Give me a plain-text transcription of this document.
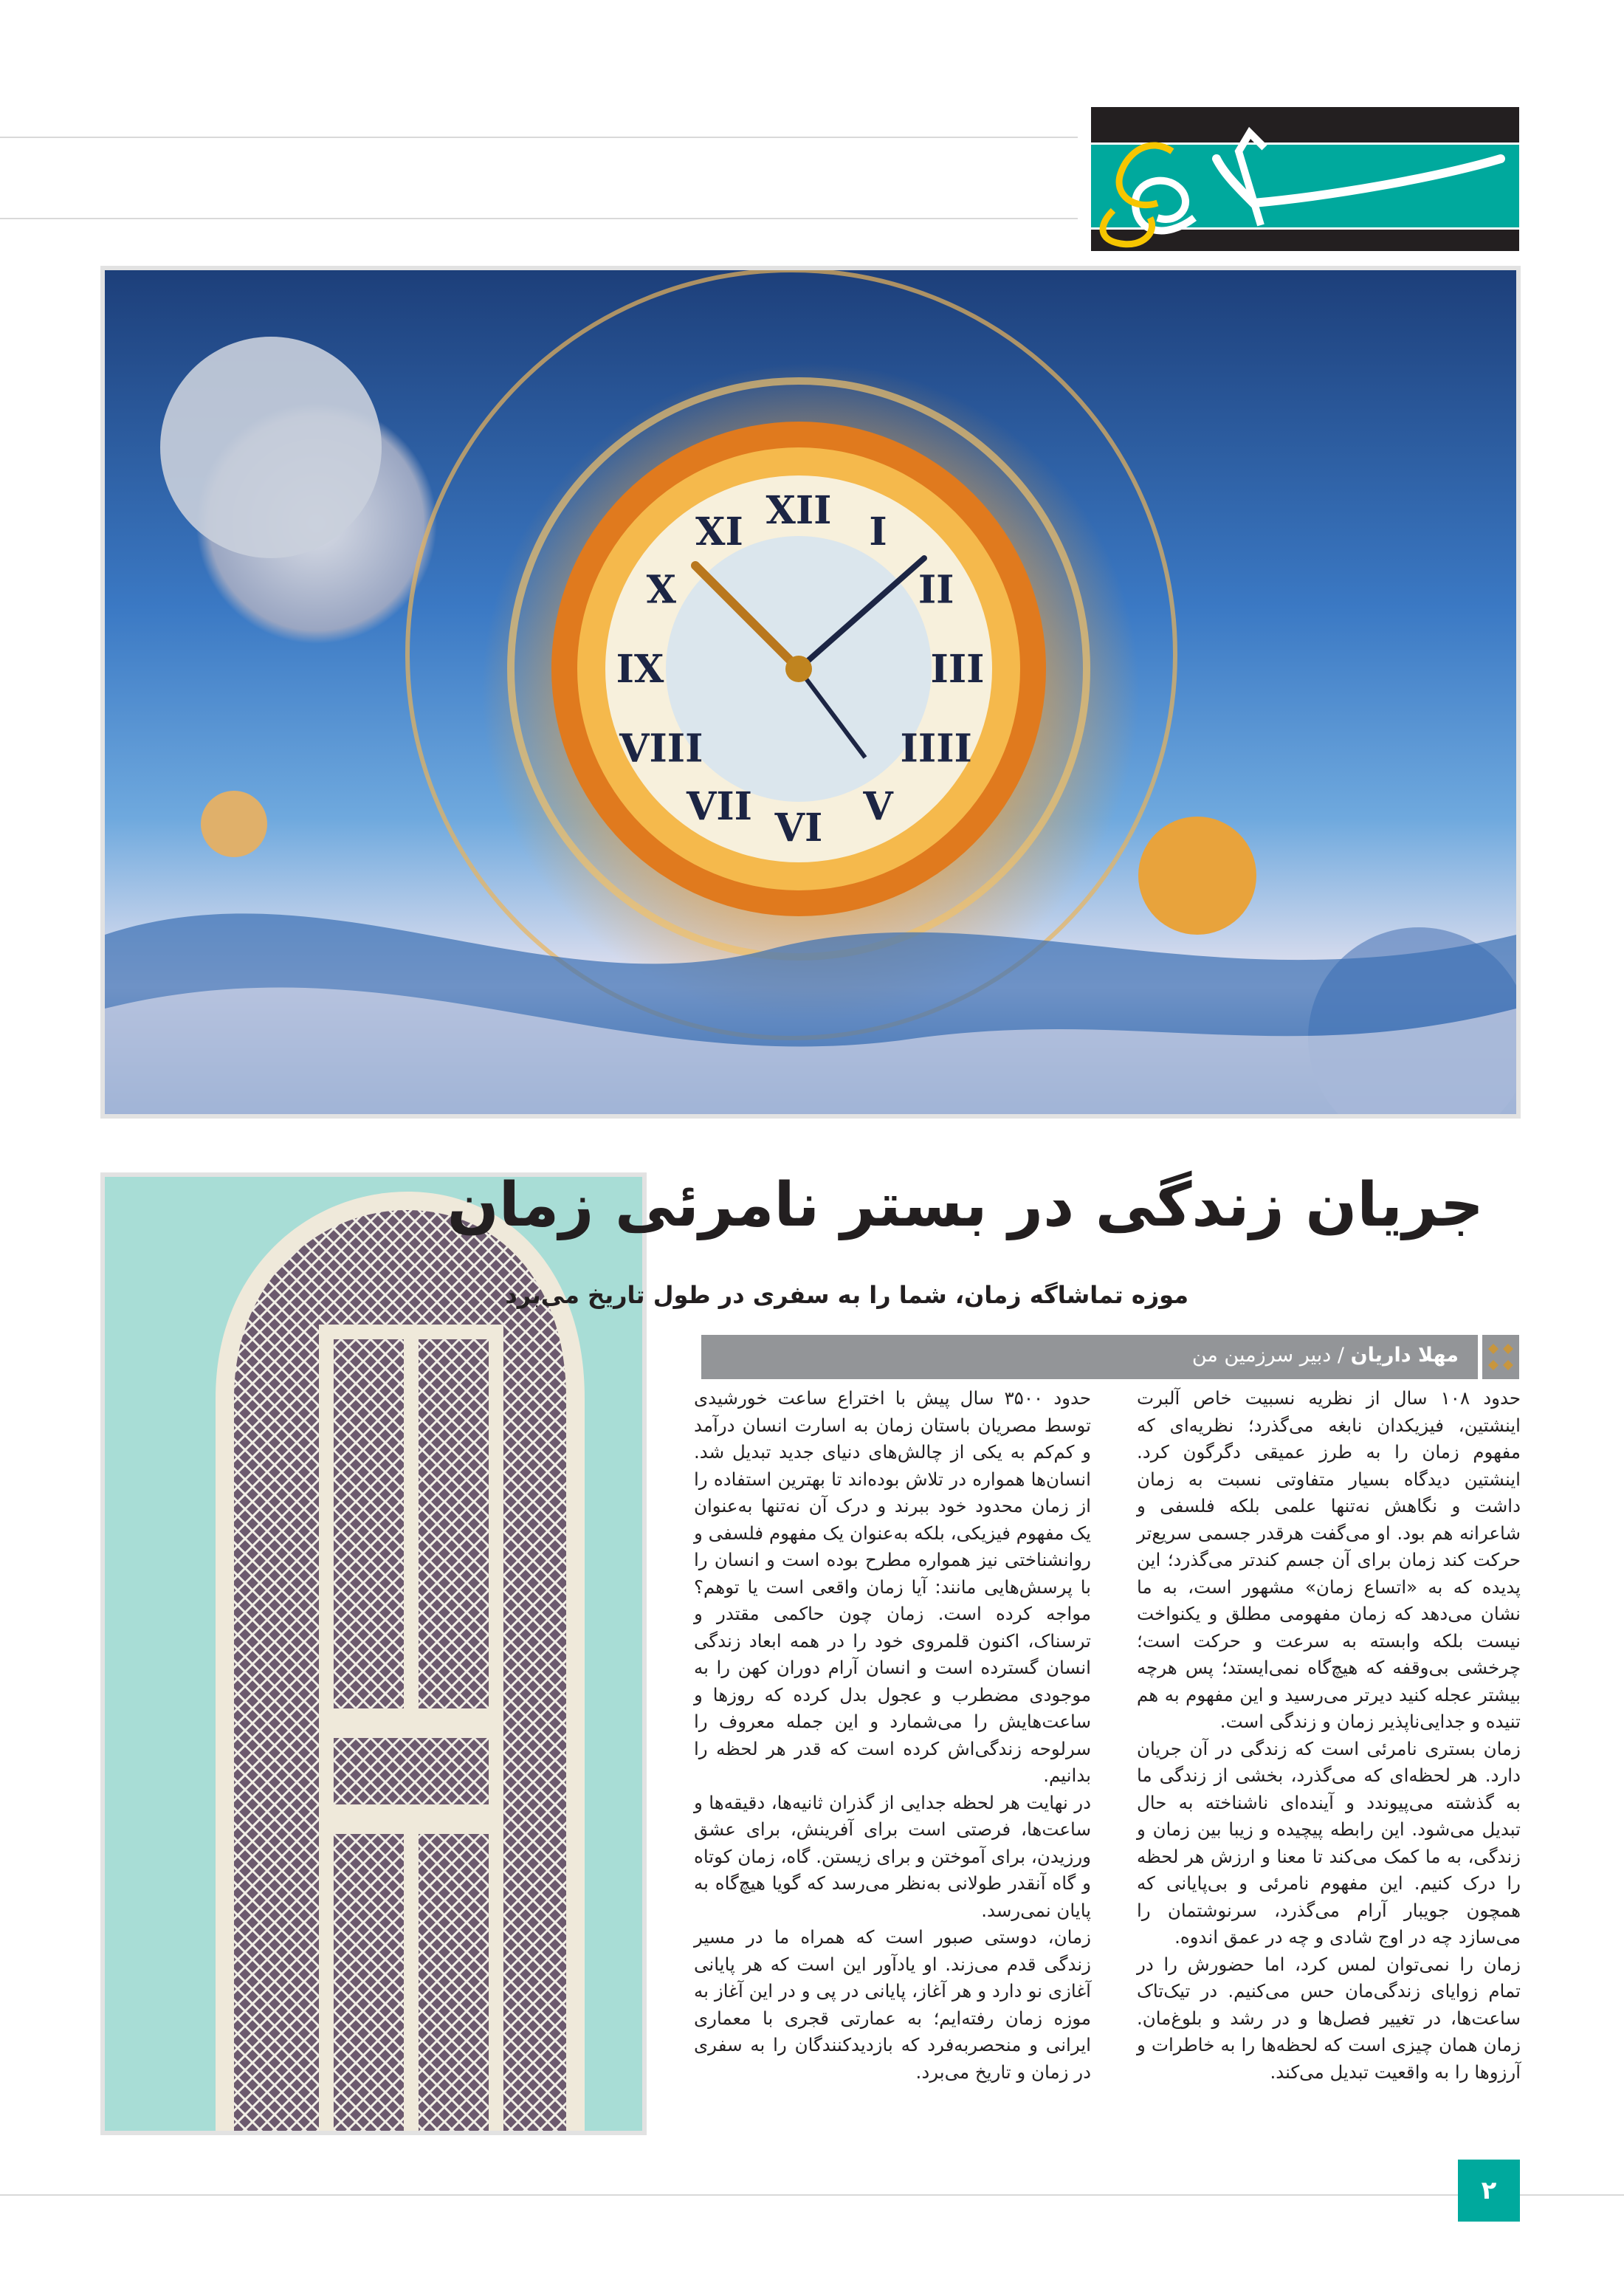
XII I
II
III
IIII
V
VI
VII
VIII
IX
X
XI
جریان زندگی در بستر نامرئی زمان
موزه تماشاگه زمان، شما را به سفری در طول تاریخ می‌برد
مهلا داریان / دبیر سرزمین من

حدود ۱۰۸ سال از نظریه نسبیت خاص آلبرت اینشتین، فیزیکدان نابغه می‌گذرد؛ نظریه‌ای که مفهوم زمان را به طرز عمیقی دگرگون کرد. اینشتین دیدگاه بسیار متفاوتی نسبت به زمان داشت و نگاهش نه‌تنها علمی بلکه فلسفی و شاعرانه هم بود. او می‌گفت هرقدر جسمی سریع‌تر حرکت کند زمان برای آن جسم کندتر می‌گذرد؛ این پدیده که به «اتساع زمان» مشهور است، به ما نشان می‌دهد که زمان مفهومی مطلق و یکنواخت نیست بلکه وابسته به سرعت و حرکت است؛ چرخشی بی‌وقفه که هیچ‌گاه نمی‌ایستد؛ پس هرچه بیشتر عجله کنید دیرتر می‌رسید و این مفهوم به هم تنیده و جدایی‌ناپذیر زمان و زندگی است.

زمان بستری نامرئی است که زندگی در آن جریان دارد. هر لحظه‌ای که می‌گذرد، بخشی از زندگی ما به گذشته می‌پیوندد و آینده‌ای ناشناخته به حال تبدیل می‌شود. این رابطه پیچیده و زیبا بین زمان و زندگی، به ما کمک می‌کند تا معنا و ارزش هر لحظه را درک کنیم. این مفهوم نامرئی و بی‌پایانی که همچون جویبار آرام می‌گذرد، سرنوشتمان را می‌سازد چه در اوج شادی و چه در عمق اندوه.

زمان را نمی‌توان لمس کرد، اما حضورش را در تمام زوایای زندگی‌مان حس می‌کنیم. در تیک‌تاک ساعت‌ها، در تغییر فصل‌ها و در رشد و بلوغ‌مان. زمان همان چیزی است که لحظه‌ها را به خاطرات و آرزوها را به واقعیت تبدیل می‌کند.

حدود ۳۵۰۰ سال پیش با اختراع ساعت خورشیدی توسط مصریان باستان زمان به اسارت انسان درآمد و کم‌کم به یکی از چالش‌های دنیای جدید تبدیل شد. انسان‌ها همواره در تلاش بوده‌اند تا بهترین استفاده را از زمان محدود خود ببرند و درک آن نه‌تنها به‌عنوان یک مفهوم فیزیکی، بلکه به‌عنوان یک مفهوم فلسفی و روانشناختی نیز همواره مطرح بوده است و انسان را با پرسش‌هایی مانند: آیا زمان واقعی است یا توهم؟ مواجه کرده است. زمان چون حاکمی مقتدر و ترسناک، اکنون قلمروی خود را در همه ابعاد زندگی انسان گسترده است و انسان آرام دوران کهن را به موجودی مضطرب و عجول بدل کرده که روزها و ساعت‌هایش را می‌شمارد و این جمله معروف را سرلوحه زندگی‌اش کرده است که قدر هر لحظه را بدانیم.

در نهایت هر لحظه جدایی از گذران ثانیه‌ها، دقیقه‌ها و ساعت‌ها، فرصتی است برای آفرینش، برای عشق ورزیدن، برای آموختن و برای زیستن. گاه، زمان کوتاه و گاه آنقدر طولانی به‌نظر می‌رسد که گویا هیچ‌گاه به پایان نمی‌رسد.

زمان، دوستی صبور است که همراه ما در مسیر زندگی قدم می‌زند. او یادآور این است که هر پایانی آغازی نو دارد و هر آغاز، پایانی در پی و در این آغاز به موزه زمان رفته‌ایم؛ به عمارتی قجری با معماری ایرانی و منحصربه‌فرد که بازدیدکنندگان را به سفری در زمان و تاریخ می‌برد.

۲
